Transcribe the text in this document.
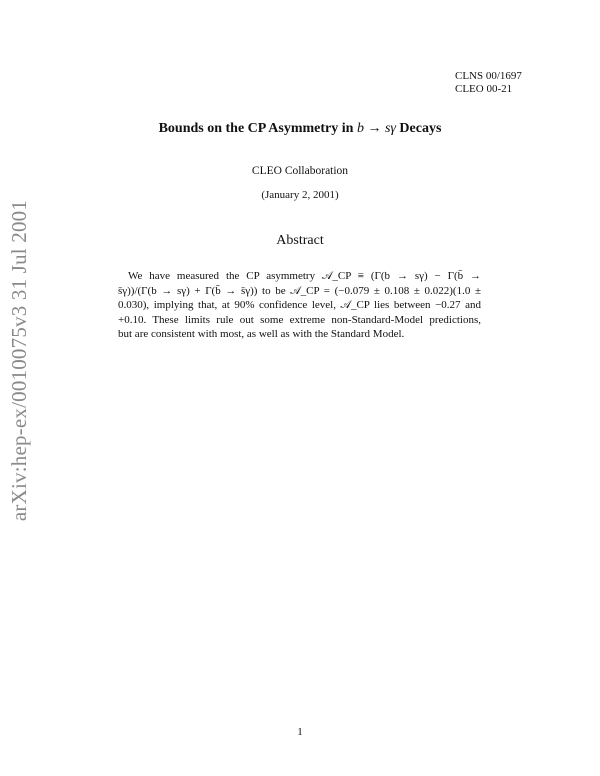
arXiv:hep-ex/0010075v3 31 Jul 2001
CLNS 00/1697
CLEO 00-21
Bounds on the CP Asymmetry in b → sγ Decays
CLEO Collaboration
(January 2, 2001)
Abstract
We have measured the CP asymmetry 𝒜_CP ≡ (Γ(b → sγ) − Γ(b̄ →
s̄γ))/(Γ(b → sγ) + Γ(b̄ → s̄γ)) to be 𝒜_CP = (−0.079 ± 0.108 ± 0.022)(1.0 ±
0.030), implying that, at 90% confidence level, 𝒜_CP lies between −0.27 and
+0.10. These limits rule out some extreme non-Standard-Model predictions,
but are consistent with most, as well as with the Standard Model.
1
